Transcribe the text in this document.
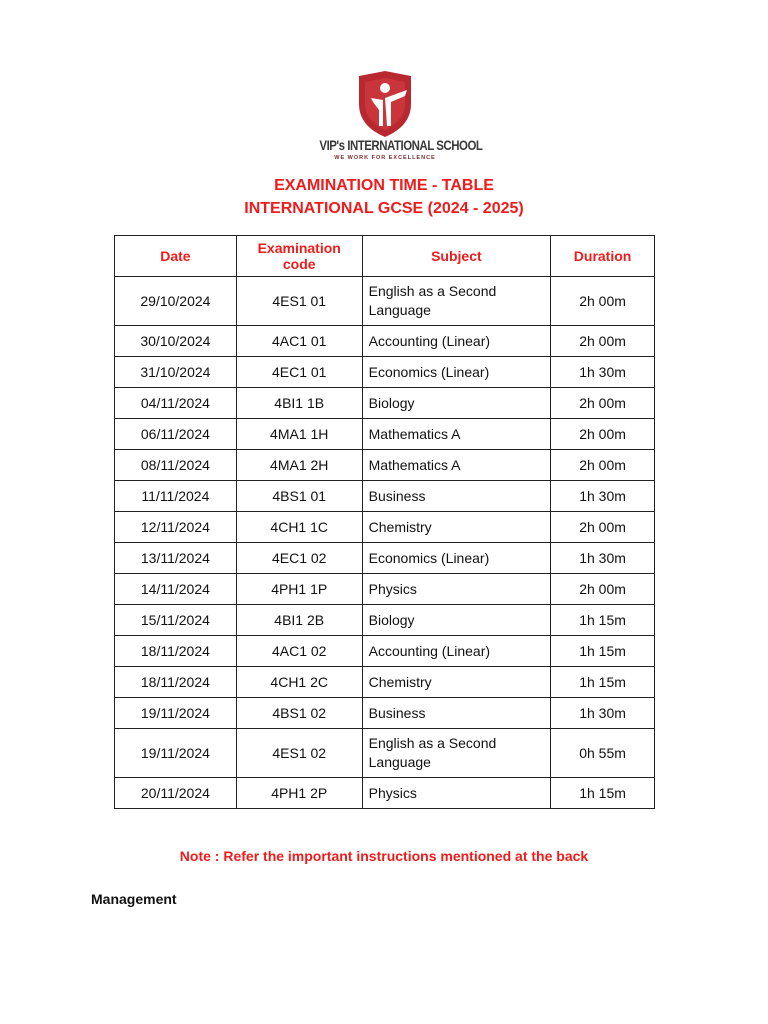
VIP's INTERNATIONAL SCHOOL
WE WORK FOR EXCELLENCE
EXAMINATION TIME - TABLE
INTERNATIONAL GCSE (2024 - 2025)
Date	Examination code	Subject	Duration
29/10/2024	4ES1 01	English as a Second Language	2h 00m
30/10/2024	4AC1 01	Accounting (Linear)	2h 00m
31/10/2024	4EC1 01	Economics (Linear)	1h 30m
04/11/2024	4BI1 1B	Biology	2h 00m
06/11/2024	4MA1 1H	Mathematics A	2h 00m
08/11/2024	4MA1 2H	Mathematics A	2h 00m
11/11/2024	4BS1 01	Business	1h 30m
12/11/2024	4CH1 1C	Chemistry	2h 00m
13/11/2024	4EC1 02	Economics (Linear)	1h 30m
14/11/2024	4PH1 1P	Physics	2h 00m
15/11/2024	4BI1 2B	Biology	1h 15m
18/11/2024	4AC1 02	Accounting (Linear)	1h 15m
18/11/2024	4CH1 2C	Chemistry	1h 15m
19/11/2024	4BS1 02	Business	1h 30m
19/11/2024	4ES1 02	English as a Second Language	0h 55m
20/11/2024	4PH1 2P	Physics	1h 15m
Note : Refer the important instructions mentioned at the back
Management
